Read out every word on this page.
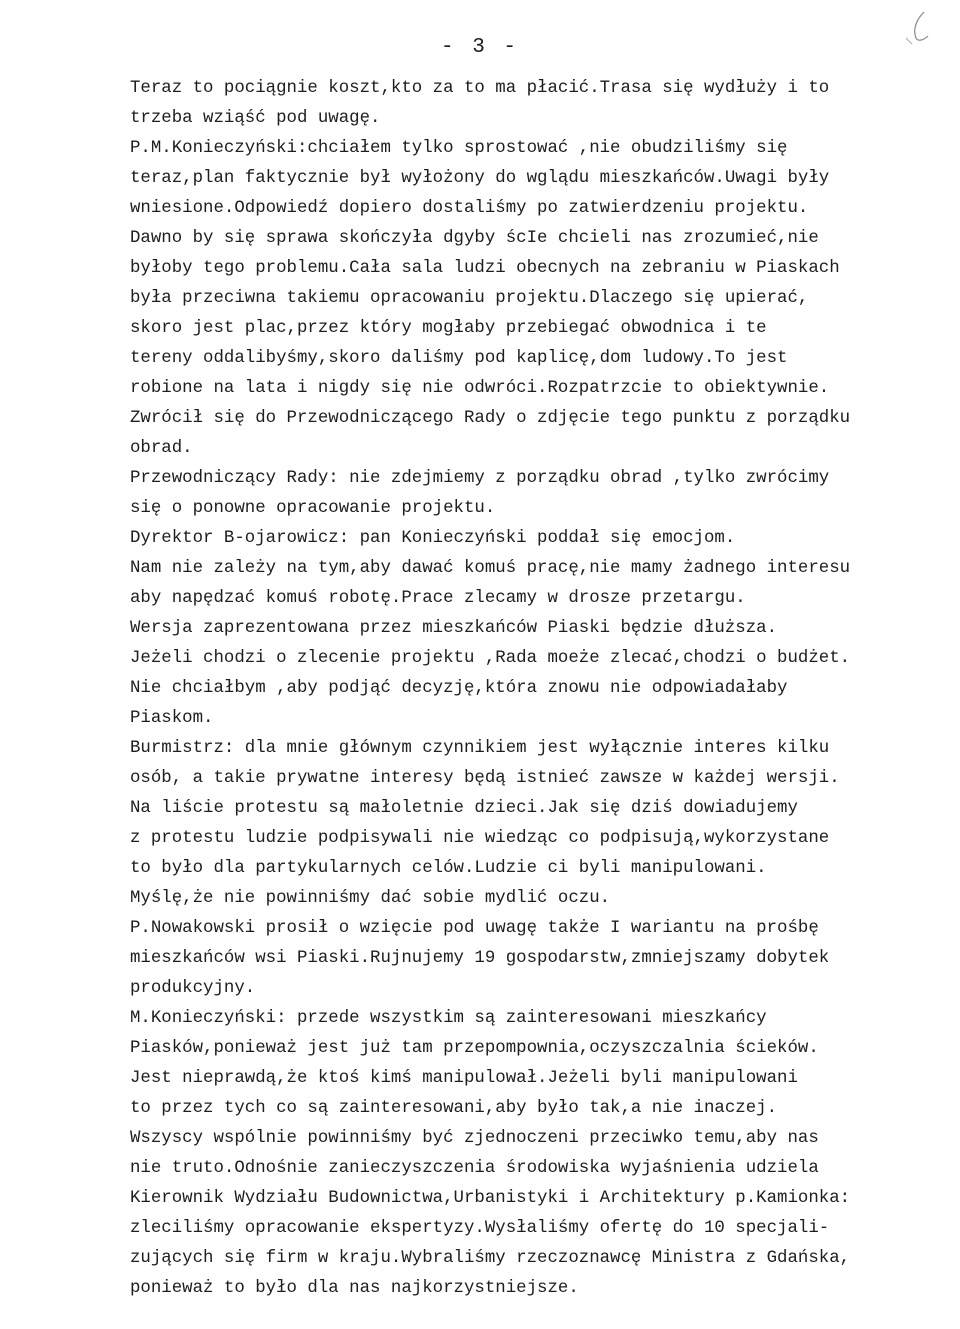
- 3 -
Teraz to pociągnie koszt,kto za to ma płacić.Trasa się wydłuży i to
trzeba wziąść pod uwagę.
P.M.Konieczyński:chciałem tylko sprostować ,nie obudziliśmy się
teraz,plan faktycznie był wyłożony do wglądu mieszkańców.Uwagi były
wniesione.Odpowiedź dopiero dostaliśmy po zatwierdzeniu projektu.
Dawno by się sprawa skończyła dgyby ścIe chcieli nas zrozumieć,nie
byłoby tego problemu.Cała sala ludzi obecnych na zebraniu w Piaskach
była przeciwna takiemu opracowaniu projektu.Dlaczego się upierać,
skoro jest plac,przez który mogłaby przebiegać obwodnica i te
tereny oddalibyśmy,skoro daliśmy pod kaplicę,dom ludowy.To jest
robione na lata i nigdy się nie odwróci.Rozpatrzcie to obiektywnie.
Zwrócił się do Przewodniczącego Rady o zdjęcie tego punktu z porządku
obrad.
Przewodniczący Rady: nie zdejmiemy z porządku obrad ,tylko zwrócimy
się o ponowne opracowanie projektu.
Dyrektor B-ojarowicz: pan Konieczyński poddał się emocjom.
Nam nie zależy na tym,aby dawać komuś pracę,nie mamy żadnego interesu
aby napędzać komuś robotę.Prace zlecamy w drosze przetargu.
Wersja zaprezentowana przez mieszkańców Piaski będzie dłuższa.
Jeżeli chodzi o zlecenie projektu ,Rada moeże zlecać,chodzi o budżet.
Nie chciałbym ,aby podjąć decyzję,która znowu nie odpowiadałaby
Piaskom.
Burmistrz: dla mnie głównym czynnikiem jest wyłącznie interes kilku
osób, a takie prywatne interesy będą istnieć zawsze w każdej wersji.
Na liście protestu są małoletnie dzieci.Jak się dziś dowiadujemy
z protestu ludzie podpisywali nie wiedząc co podpisują,wykorzystane
to było dla partykularnych celów.Ludzie ci byli manipulowani.
Myślę,że nie powinniśmy dać sobie mydlić oczu.
P.Nowakowski prosił o wzięcie pod uwagę także I wariantu na prośbę
mieszkańców wsi Piaski.Rujnujemy 19 gospodarstw,zmniejszamy dobytek
produkcyjny.
M.Konieczyński: przede wszystkim są zainteresowani mieszkańcy
Piasków,ponieważ jest już tam przepompownia,oczyszczalnia ścieków.
Jest nieprawdą,że ktoś kimś manipulował.Jeżeli byli manipulowani
to przez tych co są zainteresowani,aby było tak,a nie inaczej.
Wszyscy wspólnie powinniśmy być zjednoczeni przeciwko temu,aby nas
nie truto.Odnośnie zanieczyszczenia środowiska wyjaśnienia udziela
Kierownik Wydziału Budownictwa,Urbanistyki i Architektury p.Kamionka:
zleciliśmy opracowanie ekspertyzy.Wysłaliśmy ofertę do 10 specjali-
zujących się firm w kraju.Wybraliśmy rzeczoznawcę Ministra z Gdańska,
ponieważ to było dla nas najkorzystniejsze.
